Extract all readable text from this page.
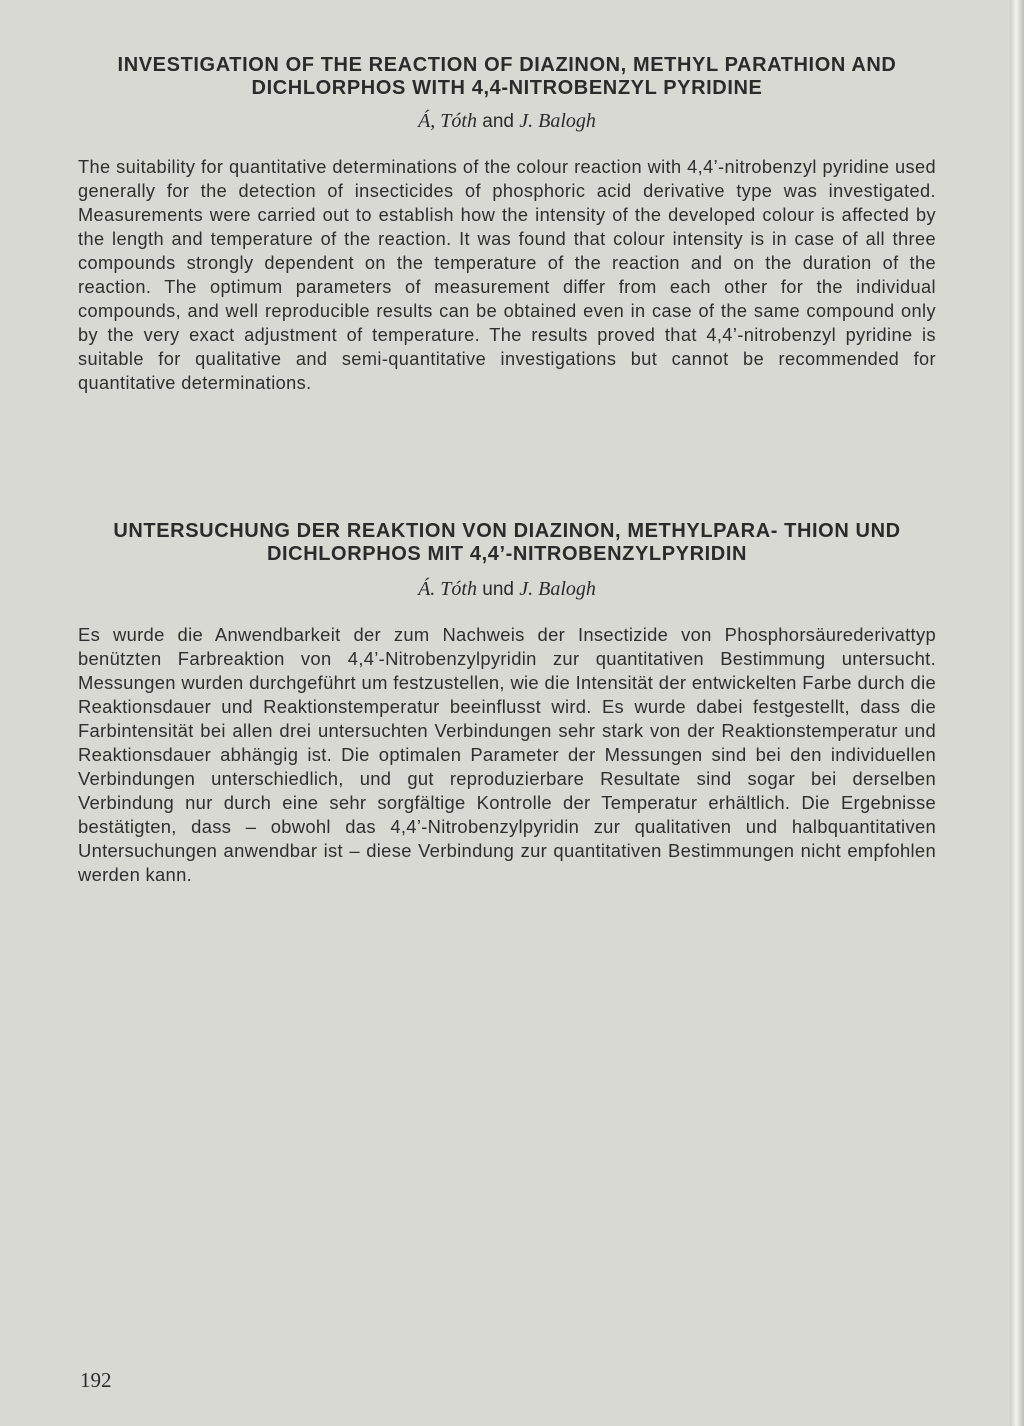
INVESTIGATION OF THE REACTION OF DIAZINON, METHYL PARATHION AND DICHLORPHOS WITH 4,4-NITROBENZYL PYRIDINE

Á, Tóth and J. Balogh

The suitability for quantitative determinations of the colour reaction with 4,4’-nitrobenzyl pyridine used generally for the detection of insecticides of phosphoric acid derivative type was investigated. Measurements were carried out to establish how the intensity of the developed colour is affected by the length and temperature of the reaction. It was found that colour intensity is in case of all three compounds strongly dependent on the temperature of the reaction and on the duration of the reaction. The optimum parameters of measurement differ from each other for the individual compounds, and well reproducible results can be obtained even in case of the same compound only by the very exact adjustment of temperature. The results proved that 4,4’-nitrobenzyl pyridine is suitable for qualitative and semi-quantitative investigations but cannot be recommended for quantitative determinations.

UNTERSUCHUNG DER REAKTION VON DIAZINON, METHYLPARA- THION UND DICHLORPHOS MIT 4,4’-NITROBENZYLPYRIDIN

Á. Tóth und J. Balogh

Es wurde die Anwendbarkeit der zum Nachweis der Insectizide von Phosphorsäurederivattyp benützten Farbreaktion von 4,4’-Nitrobenzylpyridin zur quantitativen Bestimmung untersucht. Messungen wurden durchgeführt um festzustellen, wie die Intensität der entwickelten Farbe durch die Reaktionsdauer und Reaktionstemperatur beeinflusst wird. Es wurde dabei festgestellt, dass die Farbintensität bei allen drei untersuchten Verbindungen sehr stark von der Reaktionstemperatur und Reaktionsdauer abhängig ist. Die optimalen Parameter der Messungen sind bei den individuellen Verbindungen unterschiedlich, und gut reproduzierbare Resultate sind sogar bei derselben Verbindung nur durch eine sehr sorgfältige Kontrolle der Temperatur erhältlich. Die Ergebnisse bestätigten, dass – obwohl das 4,4’-Nitrobenzylpyridin zur qualitativen und halbquantitativen Untersuchungen anwendbar ist – diese Verbindung zur quantitativen Bestimmungen nicht empfohlen werden kann.

192
